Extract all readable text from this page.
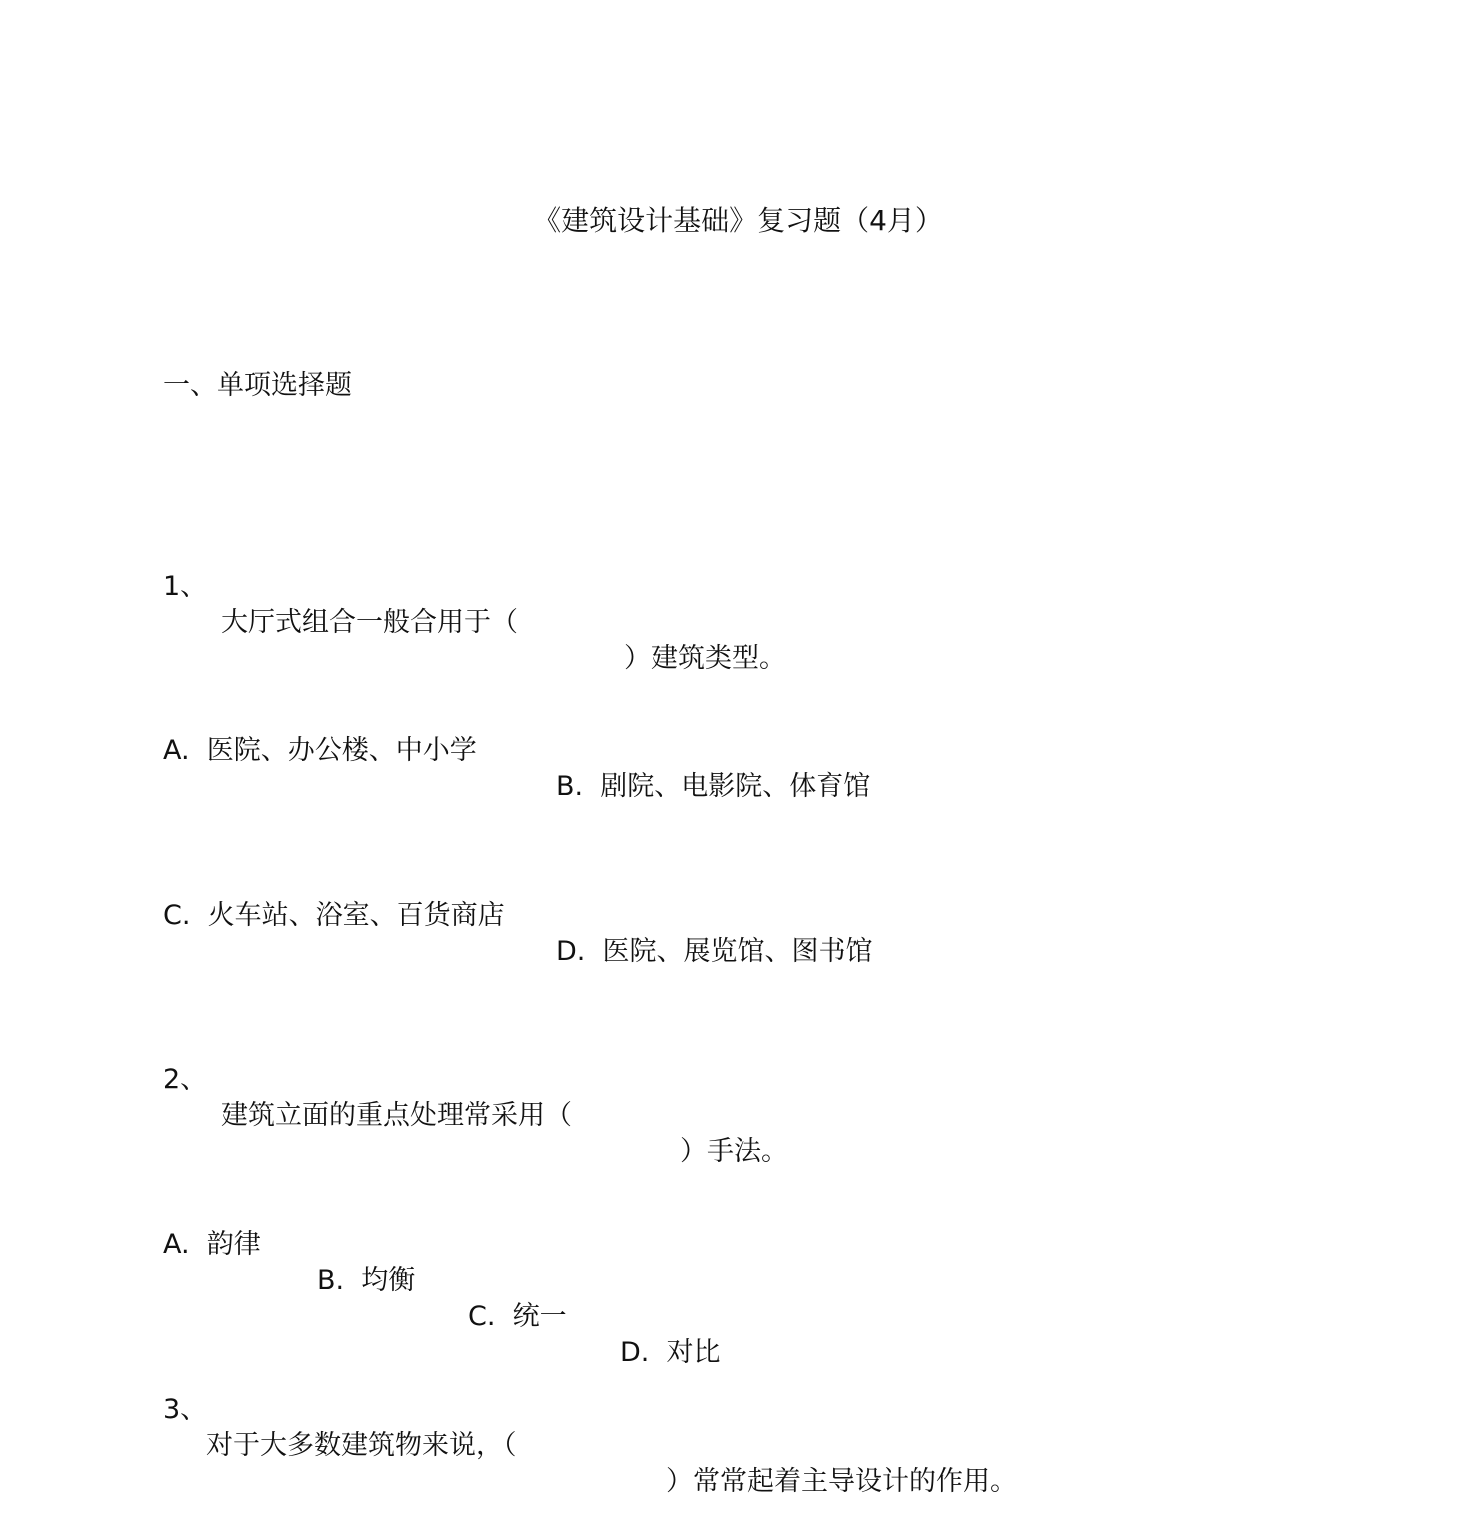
《建筑设计基础》复习题（4月）
一、单项选择题

1、

大厅式组合一般合用于（

）建筑类型。

A.  医院、办公楼、中小学

B.  剧院、电影院、体育馆

C.  火车站、浴室、百货商店

D.  医院、展览馆、图书馆

2、

建筑立面的重点处理常采用（

）手法。

A.  韵律

B.  均衡

C.  统一

D.  对比

3、

对于大多数建筑物来说，（

）常常起着主导设计的作用。
